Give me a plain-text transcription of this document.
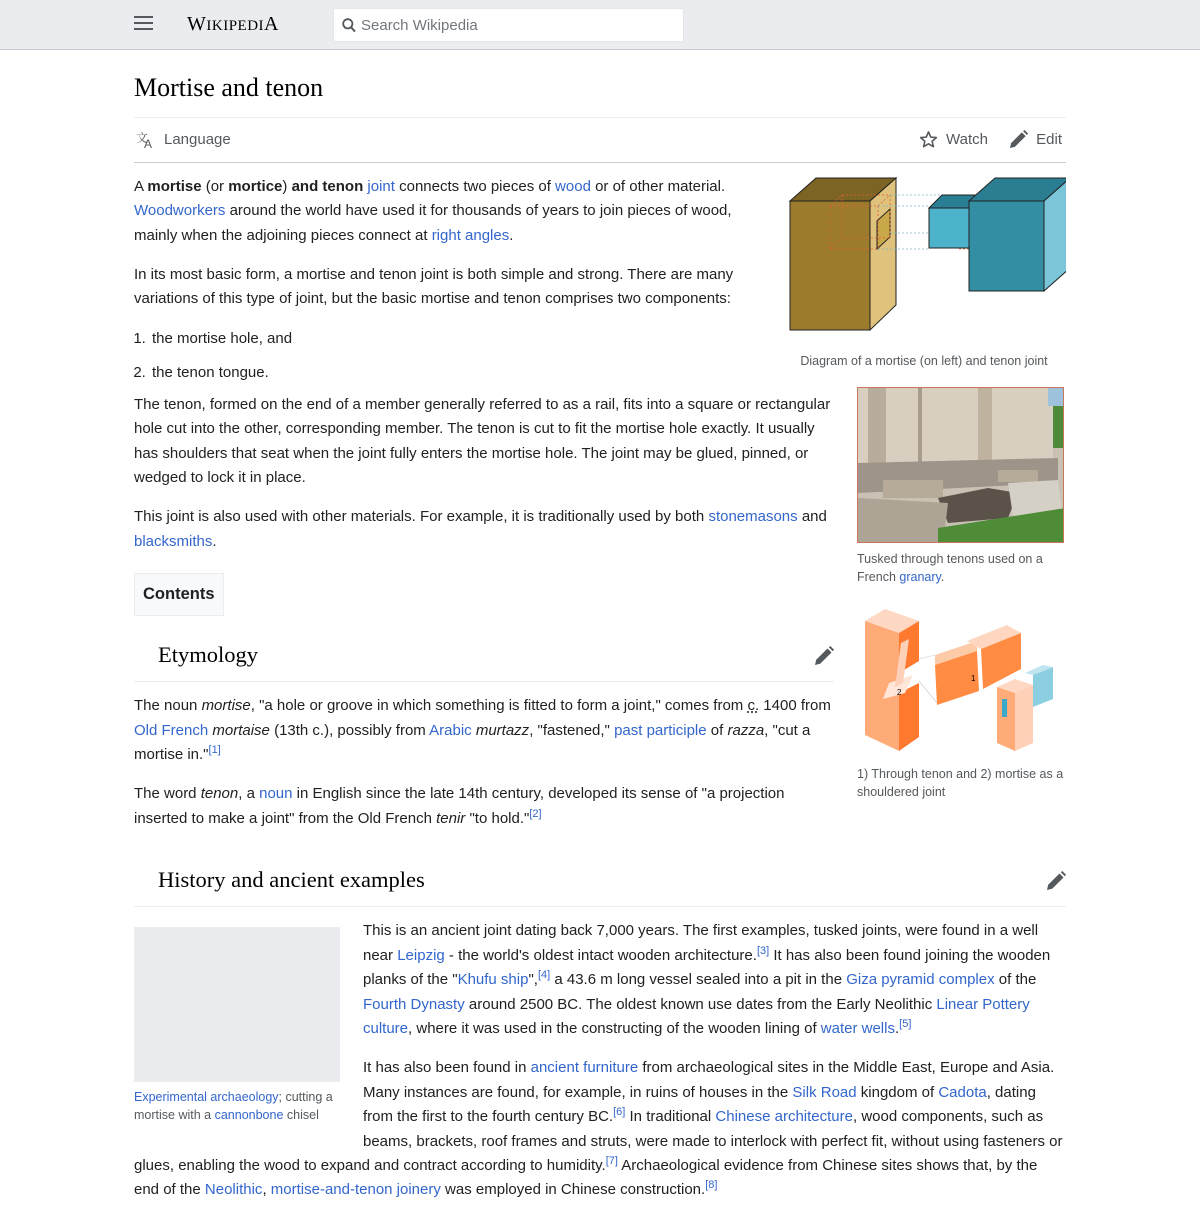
WIKIPEDIA
Search Wikipedia
Mortise and tenon
文
A Language	Watch	Edit
Diagram of a mortise (on left) and tenon joint
Tusked through tenons used on a French granary.
2
1
1) Through tenon and 2) mortise as a shouldered joint

A mortise (or mortice) and tenon joint connects two pieces of wood or of other material. Woodworkers around the world have used it for thousands of years to join pieces of wood, mainly when the adjoining pieces connect at right angles.

In its most basic form, a mortise and tenon joint is both simple and strong. There are many variations of this type of joint, but the basic mortise and tenon comprises two components:

1. the mortise hole, and
2. the tenon tongue.

The tenon, formed on the end of a member generally referred to as a rail, fits into a square or rectangular hole cut into the other, corresponding member. The tenon is cut to fit the mortise hole exactly. It usually has shoulders that seat when the joint fully enters the mortise hole. The joint may be glued, pinned, or wedged to lock it in place.

This joint is also used with other materials. For example, it is traditionally used by both stonemasons and blacksmiths.

Contents
Etymology

The noun mortise, "a hole or groove in which something is fitted to form a joint," comes from c. 1400 from Old French mortaise (13th c.), possibly from Arabic murtazz, "fastened," past participle of razza, "cut a mortise in."[1]

The word tenon, a noun in English since the late 14th century, developed its sense of "a projection inserted to make a joint" from the Old French tenir "to hold."[2]

History and ancient examples
Experimental archaeology; cutting a mortise with a cannonbone chisel

This is an ancient joint dating back 7,000 years. The first examples, tusked joints, were found in a well near Leipzig - the world's oldest intact wooden architecture.[3] It has also been found joining the wooden planks of the "Khufu ship",[4] a 43.6 m long vessel sealed into a pit in the Giza pyramid complex of the Fourth Dynasty around 2500 BC. The oldest known use dates from the Early Neolithic Linear Pottery culture, where it was used in the constructing of the wooden lining of water wells.[5]

It has also been found in ancient furniture from archaeological sites in the Middle East, Europe and Asia. Many instances are found, for example, in ruins of houses in the Silk Road kingdom of Cadota, dating from the first to the fourth century BC.[6] In traditional Chinese architecture, wood components, such as beams, brackets, roof frames and struts, were made to interlock with perfect fit, without using fasteners or glues, enabling the wood to expand and contract according to humidity.[7] Archaeological evidence from Chinese sites shows that, by the end of the Neolithic, mortise-and-tenon joinery was employed in Chinese construction.[8]
